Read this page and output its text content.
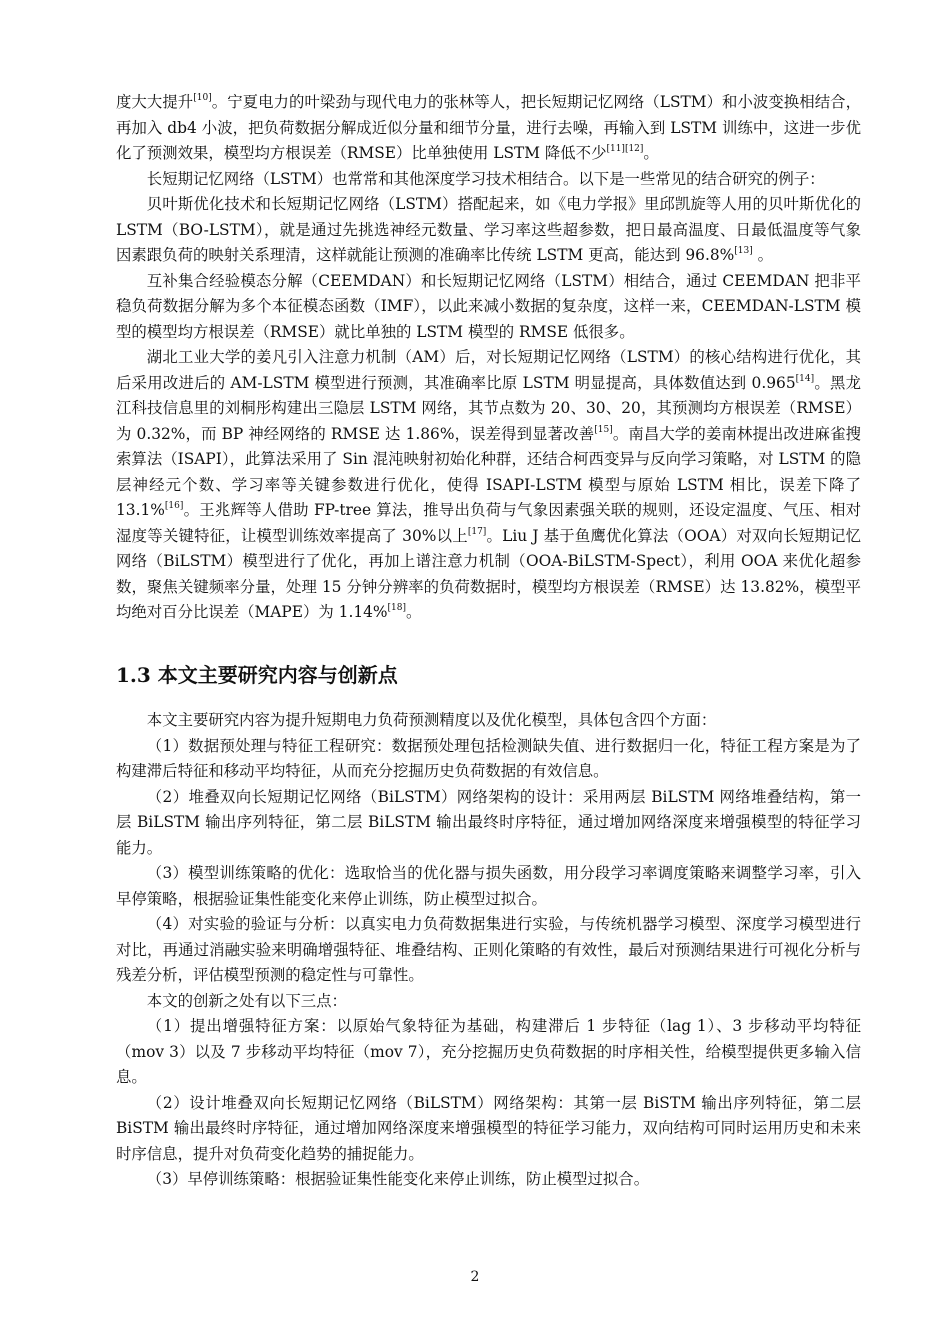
度大大提升[10]。宁夏电力的叶梁劲与现代电力的张林等人，把长短期记忆网络（LSTM）和小波变换相结合，再加入 db4 小波，把负荷数据分解成近似分量和细节分量，进行去噪，再输入到 LSTM 训练中，这进一步优化了预测效果，模型均方根误差（RMSE）比单独使用 LSTM 降低不少[11][12]。

长短期记忆网络（LSTM）也常常和其他深度学习技术相结合。以下是一些常见的结合研究的例子：

贝叶斯优化技术和长短期记忆网络（LSTM）搭配起来，如《电力学报》里邱凯旋等人用的贝叶斯优化的 LSTM（BO-LSTM），就是通过先挑选神经元数量、学习率这些超参数，把日最高温度、日最低温度等气象因素跟负荷的映射关系理清，这样就能让预测的准确率比传统 LSTM 更高，能达到 96.8%[13] 。

互补集合经验模态分解（CEEMDAN）和长短期记忆网络（LSTM）相结合，通过 CEEMDAN 把非平稳负荷数据分解为多个本征模态函数（IMF），以此来减小数据的复杂度，这样一来，CEEMDAN-LSTM 模型的模型均方根误差（RMSE）就比单独的 LSTM 模型的 RMSE 低很多。

湖北工业大学的姜凡引入注意力机制（AM）后，对长短期记忆网络（LSTM）的核心结构进行优化，其后采用改进后的 AM-LSTM 模型进行预测，其准确率比原 LSTM 明显提高，具体数值达到 0.965[14]。黑龙江科技信息里的刘桐彤构建出三隐层 LSTM 网络，其节点数为 20、30、20，其预测均方根误差（RMSE）为 0.32%，而 BP 神经网络的 RMSE 达 1.86%，误差得到显著改善[15]。南昌大学的姜南林提出改进麻雀搜索算法（ISAPI），此算法采用了 Sin 混沌映射初始化种群，还结合柯西变异与反向学习策略，对 LSTM 的隐层神经元个数、学习率等关键参数进行优化，使得 ISAPI-LSTM 模型与原始 LSTM 相比，误差下降了 13.1%[16]。王兆辉等人借助 FP-tree 算法，推导出负荷与气象因素强关联的规则，还设定温度、气压、相对湿度等关键特征，让模型训练效率提高了 30%以上[17]。Liu J 基于鱼鹰优化算法（OOA）对双向长短期记忆网络（BiLSTM）模型进行了优化，再加上谱注意力机制（OOA-BiLSTM-Spect），利用 OOA 来优化超参数，聚焦关键频率分量，处理 15 分钟分辨率的负荷数据时，模型均方根误差（RMSE）达 13.82%，模型平均绝对百分比误差（MAPE）为 1.14%[18]。

1.3 本文主要研究内容与创新点

本文主要研究内容为提升短期电力负荷预测精度以及优化模型，具体包含四个方面：

（1）数据预处理与特征工程研究：数据预处理包括检测缺失值、进行数据归一化，特征工程方案是为了构建滞后特征和移动平均特征，从而充分挖掘历史负荷数据的有效信息。

（2）堆叠双向长短期记忆网络（BiLSTM）网络架构的设计：采用两层 BiLSTM 网络堆叠结构，第一层 BiLSTM 输出序列特征，第二层 BiLSTM 输出最终时序特征，通过增加网络深度来增强模型的特征学习能力。

（3）模型训练策略的优化：选取恰当的优化器与损失函数，用分段学习率调度策略来调整学习率，引入早停策略，根据验证集性能变化来停止训练，防止模型过拟合。

（4）对实验的验证与分析：以真实电力负荷数据集进行实验，与传统机器学习模型、深度学习模型进行对比，再通过消融实验来明确增强特征、堆叠结构、正则化策略的有效性，最后对预测结果进行可视化分析与残差分析，评估模型预测的稳定性与可靠性。

本文的创新之处有以下三点：

（1）提出增强特征方案：以原始气象特征为基础，构建滞后 1 步特征（lag 1）、3 步移动平均特征（mov 3）以及 7 步移动平均特征（mov 7），充分挖掘历史负荷数据的时序相关性，给模型提供更多输入信息。

（2）设计堆叠双向长短期记忆网络（BiLSTM）网络架构：其第一层 BiSTM 输出序列特征，第二层 BiSTM 输出最终时序特征，通过增加网络深度来增强模型的特征学习能力，双向结构可同时运用历史和未来时序信息，提升对负荷变化趋势的捕捉能力。

（3）早停训练策略：根据验证集性能变化来停止训练，防止模型过拟合。

2
